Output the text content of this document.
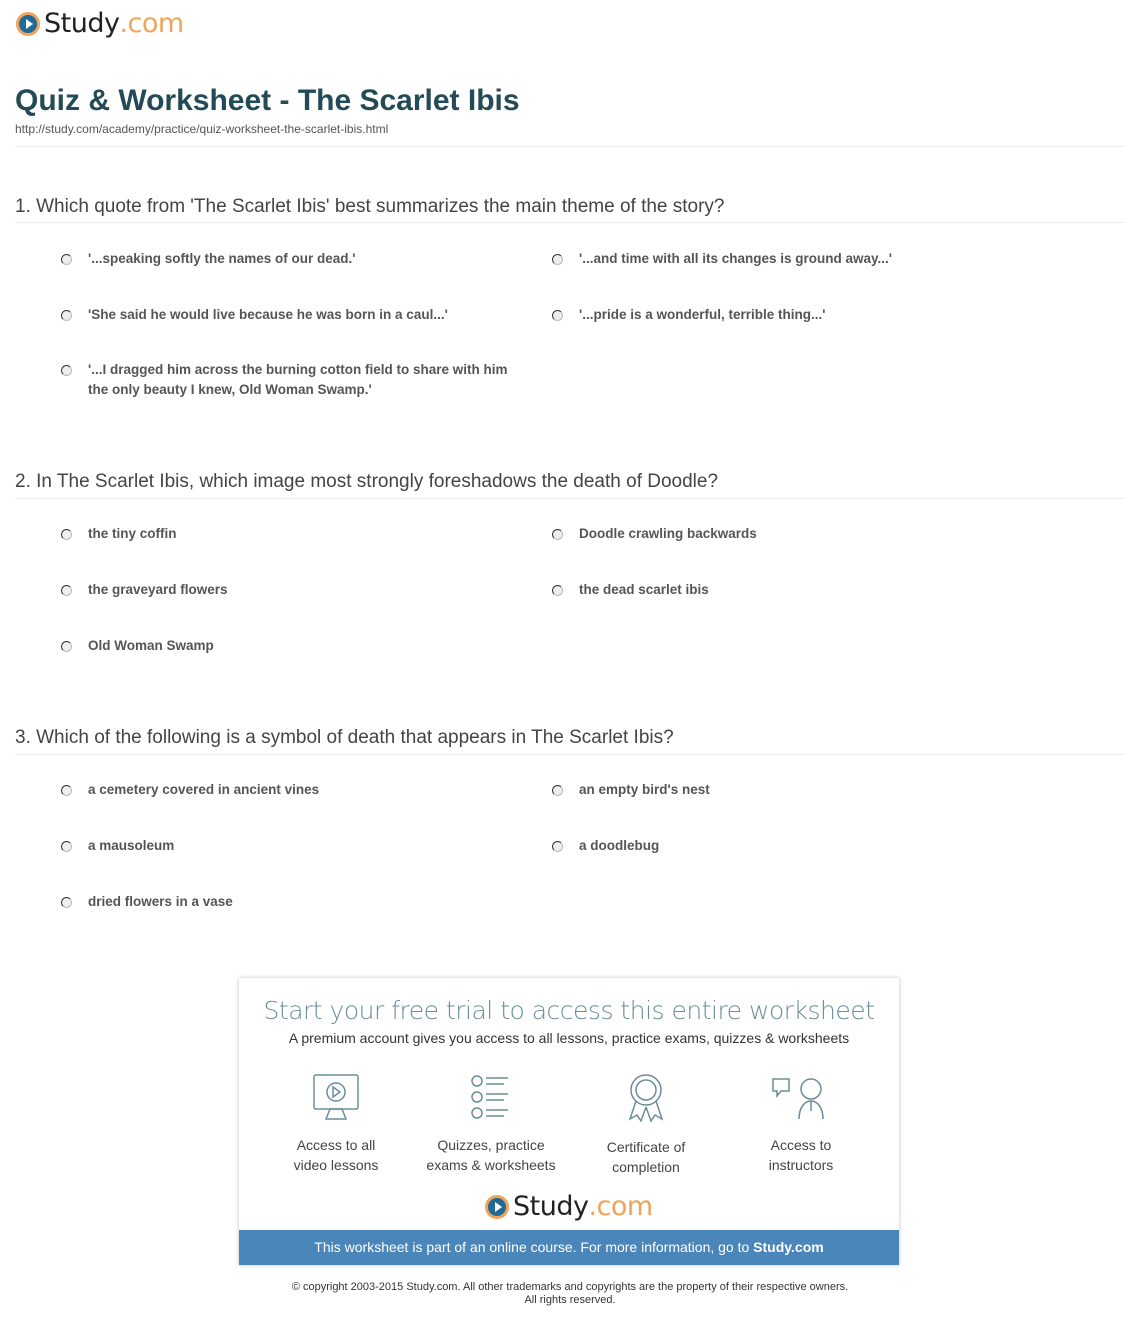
Study .com
Quiz & Worksheet - The Scarlet Ibis
http://study.com/academy/practice/quiz-worksheet-the-scarlet-ibis.html
1. Which quote from 'The Scarlet Ibis' best summarizes the main theme of the story?
'...speaking softly the names of our dead.'	'...and time with all its changes is ground away...'
'She said he would live because he was born in a caul...'	'...pride is a wonderful, terrible thing...'
'...I dragged him across the burning cotton field to share with him the only beauty I knew, Old Woman Swamp.'
2. In The Scarlet Ibis, which image most strongly foreshadows the death of Doodle?
the tiny coffin	Doodle crawling backwards
the graveyard flowers	the dead scarlet ibis
Old Woman Swamp
3. Which of the following is a symbol of death that appears in The Scarlet Ibis?
a cemetery covered in ancient vines	an empty bird's nest
a mausoleum	a doodlebug
dried flowers in a vase
Start your free trial to access this entire worksheet
A premium account gives you access to all lessons, practice exams, quizzes & worksheets
Access to all
video lessons
Quizzes, practice
exams & worksheets
Certificate of
completion
Access to
instructors
Study .com
This worksheet is part of an online course. For more information, go to Study.com
© copyright 2003-2015 Study.com. All other trademarks and copyrights are the property of their respective owners.
All rights reserved.
